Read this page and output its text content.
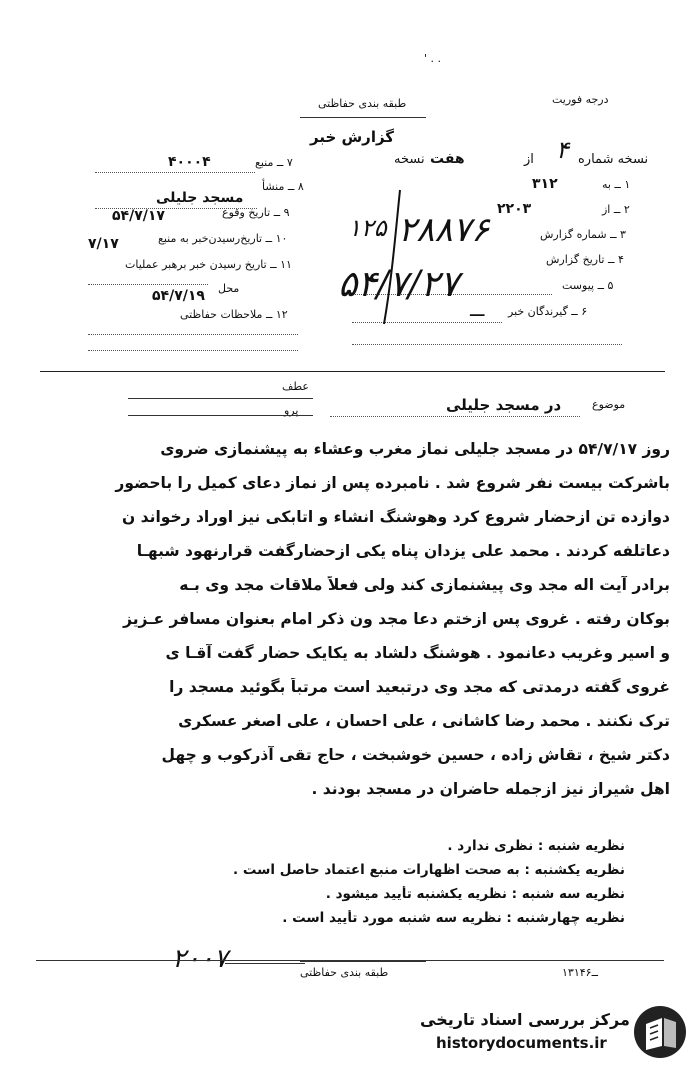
' . .
درجه فوریت
طبقه بندی حفاظتی
گزارش خبر
نسخه شماره
۴
از
هفت
نسخه
۷ ــ منبع
۴۰۰۰۴
۸ ــ منشأ
مسجد جلیلی
۹ ــ تاریخ وقوع
۵۴/۷/۱۷
۱۰ ــ تاریخ‌رسیدن‌خبر به منبع
۷/۱۷
۱۱ ــ تاریخ رسیدن خبر برهبر عملیات
محل
۵۴/۷/۱۹
۱۲ ــ ملاحظات حفاظتی
۱ ــ به
۳۱۲
۲ ــ از
۲۲۰۳
۳ ــ شماره گزارش
۴ ــ تاریخ گزارش
۵ ــ پیوست
۶ ــ گیرندگان خبر
ـــ
۲۸۸۷۶
۱۲۵
۵۴/۷/۲۷
موضوع
در مسجد جلیلی
عطف
پرو
روز ۵۴/۷/۱۷ در مسجد جلیلی نماز مغرب وعشاء به پیشنمازی ضروی
باشرکت بیست نفر شروع شد . نامبرده پس از نماز دعای کمیل را باحضور
دوازده تن ازحضار شروع کرد وهوشنگ انشاء و اتابکی نیز اوراد رخواند ن
دعاتلفه کردند . محمد علی یزدان پناه یکی ازحضارگفت قرارنهود شبهـا
برادر آیت اله مجد وی پیشنمازی کند ولی فعلاً ملاقات مجد وی بـه
بوکان رفته . غروی پس ازختم دعا مجد ون ذکر امام بعنوان مسافر عـزیز
و اسیر وغریب دعانمود . هوشنگ دلشاد به یکایک حضار گفت آقـا ی
غروی گفته درمدتی که مجد وی درتبعید است مرتباً بگوئید مسجد را
ترک نکنند . محمد رضا کاشانی ، علی احسان ، علی اصغر عسکری
دکتر شیخ ، تقاش زاده ، حسین خوشبخت ، حاج تقی آذرکوب و چهل
اهل شیراز نیز ازجمله حاضران در مسجد بودند .
نظریه شنبه : نظری ندارد .
نظریه یکشنبه : به صحت اظهارات منبع اعتماد حاصل است .
نظریه سه شنبه : نظریه یکشنبه تأیید میشود .
نظریه چهارشنبه : نظریه سه شنبه مورد تأیید است .
۲۰۰۷	۱۳۱ــ۴۶
طبقه بندی حفاظتی
مرکز بررسی اسناد تاریخی
historydocuments.ir
